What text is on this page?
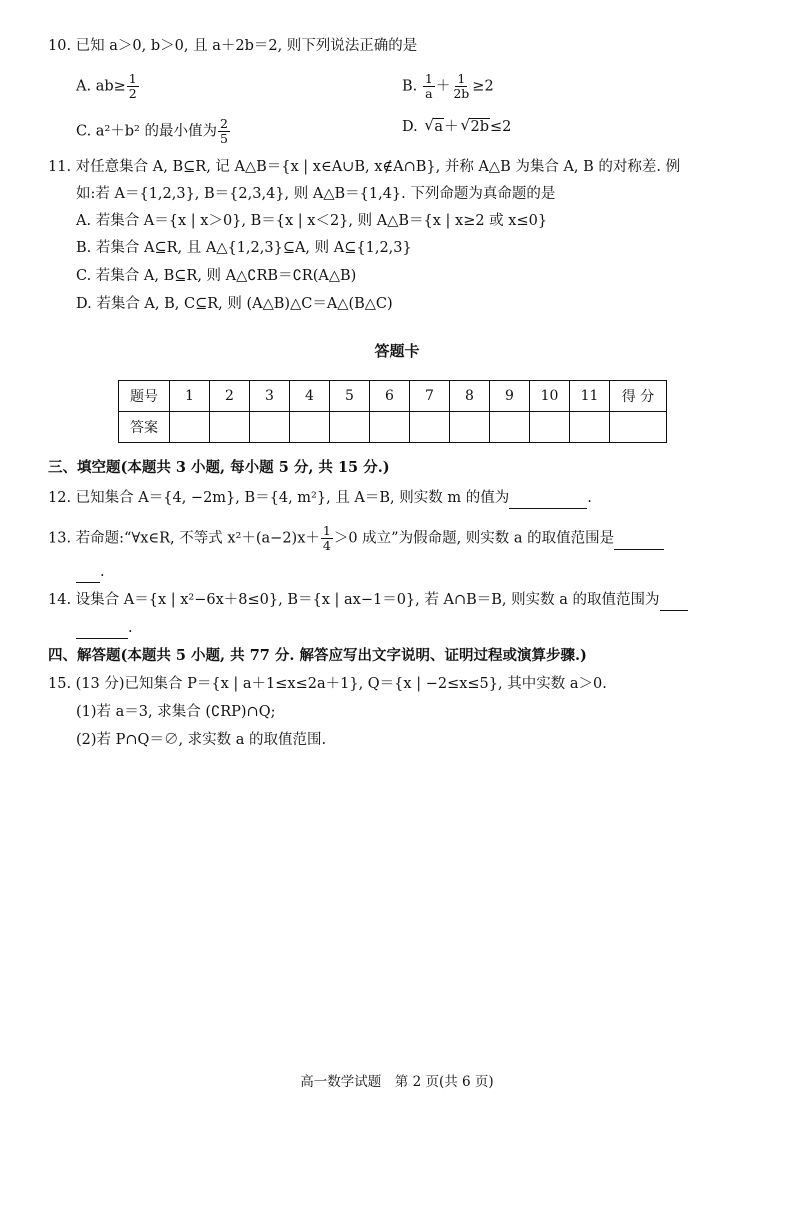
10. 已知 a＞0, b＞0, 且 a＋2b＝2, 则下列说法正确的是
A. $ab\ge \frac{1}{2}$	B. $\frac{1}{a} + \frac{1}{2b} \ge 2$
C. a²＋b² 的最小值为 $\frac{2}{5}$	D. √ a＋ √ 2b≤2
11. 对任意集合 A, B⊆R, 记 A△B＝{x | x∈A∪B, x∉A∩B}, 并称 A△B 为集合 A, B 的对称差. 例
如:若 A＝{1,2,3}, B＝{2,3,4}, 则 A△B＝{1,4}. 下列命题为真命题的是
A. 若集合 A＝{x | x＞0}, B＝{x | x＜2}, 则 A△B＝{x | x≥2 或 x≤0}
B. 若集合 A⊆R, 且 A△{1,2,3}⊆A, 则 A⊆{1,2,3}
C. 若集合 A, B⊆R, 则 A△∁RB＝∁R(A△B)
D. 若集合 A, B, C⊆R, 则 (A△B)△C＝A△(B△C)
答题卡
题号	1	2	3	4	5	6	7	8	9	10	11	得 分
答案												
三、填空题(本题共 3 小题, 每小题 5 分, 共 15 分.)
12. 已知集合 A＝{4, −2m}, B＝{4, m²}, 且 A＝B, 则实数 m 的值为	.
13. 若命题:“∀x∈R, 不等式 $x^2+(a-2)x+ \frac{1}{4} >0$ 成立”为假命题, 则实数 a 的取值范围是
.
14. 设集合 A＝{x | x²−6x＋8≤0}, B＝{x | ax−1＝0}, 若 A∩B＝B, 则实数 a 的取值范围为
.
四、解答题(本题共 5 小题, 共 77 分. 解答应写出文字说明、证明过程或演算步骤.)
15. (13 分)已知集合 P＝{x | a＋1≤x≤2a＋1}, Q＝{x | −2≤x≤5}, 其中实数 a＞0.
(1)若 a＝3, 求集合 (∁RP)∩Q;
(2)若 P∩Q＝∅, 求实数 a 的取值范围.
高一数学试题　第 2 页(共 6 页)
